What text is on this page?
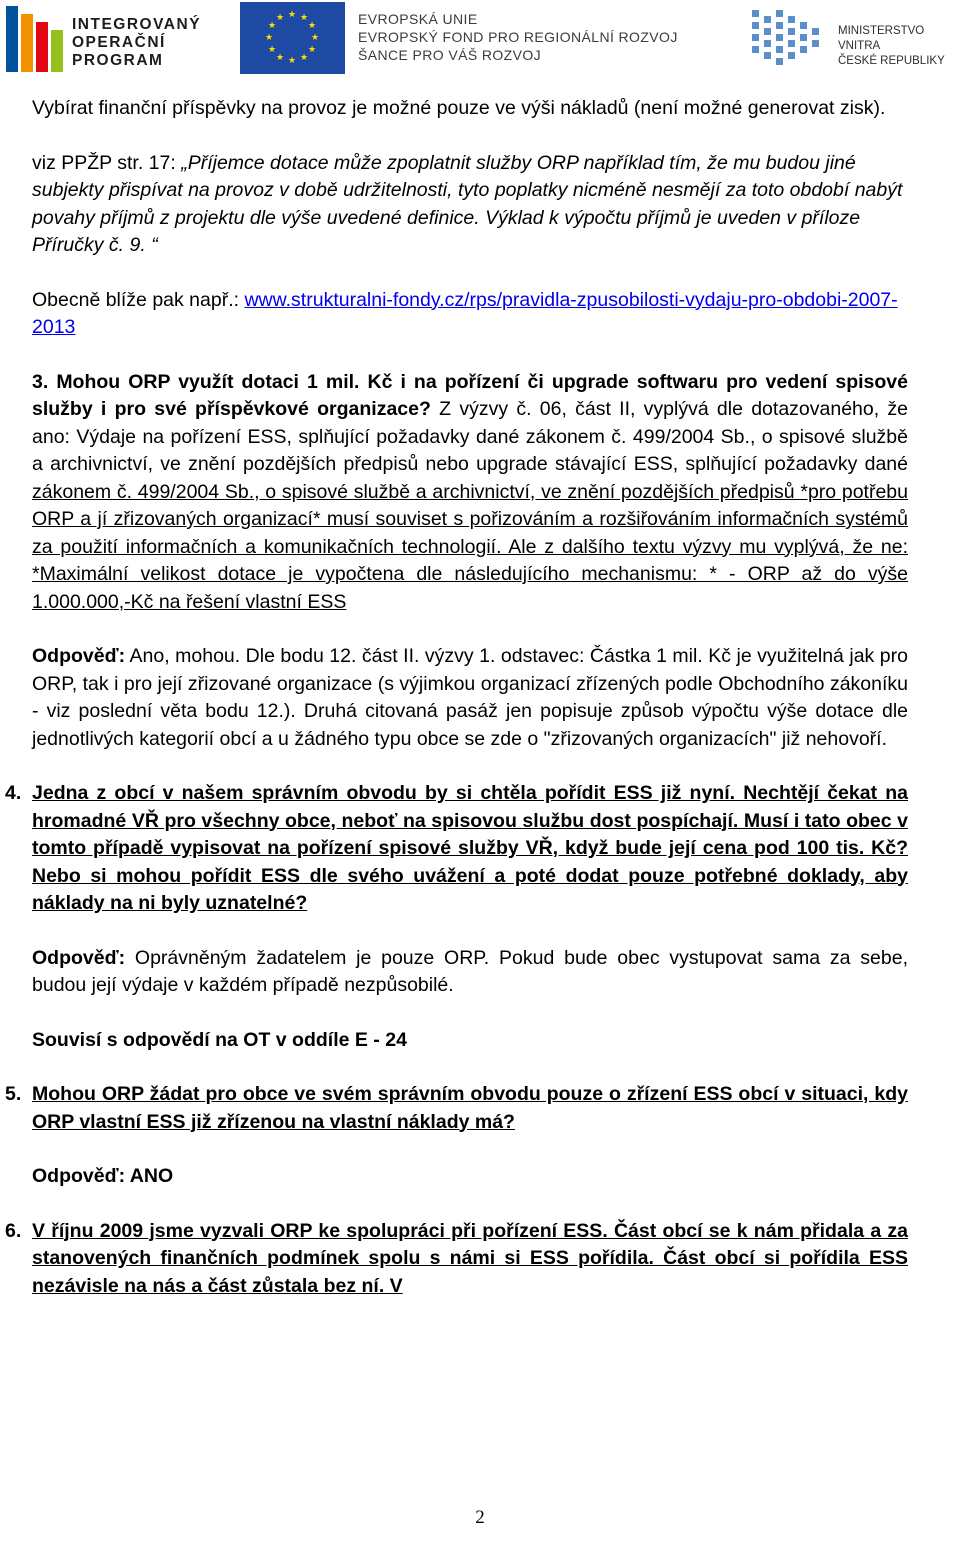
INTEGROVANÝ
OPERAČNÍ
PROGRAM
★ ★
★
★
★
★
★
★
★
★
★
★	EVROPSKÁ UNIE
EVROPSKÝ FOND PRO REGIONÁLNÍ ROZVOJ
ŠANCE PRO VÁŠ ROZVOJ
MINISTERSTVO VNITRA
ČESKÉ REPUBLIKY

Vybírat finanční příspěvky na provoz je možné pouze ve výši nákladů (není možné generovat zisk).

viz PPŽP str. 17: „Příjemce dotace může zpoplatnit služby ORP například tím, že mu budou jiné subjekty přispívat na provoz v době udržitelnosti, tyto poplatky nicméně nesmějí za toto období nabýt povahy příjmů z projektu dle výše uvedené definice. Výklad k výpočtu příjmů je uveden v příloze Příručky č. 9. “

Obecně blíže pak např.: www.strukturalni-fondy.cz/rps/pravidla-zpusobilosti-vydaju-pro-obdobi-2007-2013

3. Mohou ORP využít dotaci 1 mil. Kč i na pořízení či upgrade softwaru pro vedení spisové služby i pro své příspěvkové organizace? Z výzvy č. 06, část II, vyplývá dle dotazovaného, že ano: Výdaje na pořízení ESS, splňující požadavky dané zákonem č. 499/2004 Sb., o spisové službě a archivnictví, ve znění pozdějších předpisů nebo upgrade stávající ESS, splňující požadavky dané zákonem č. 499/2004 Sb., o spisové službě a archivnictví, ve znění pozdějších předpisů *pro potřebu ORP a jí zřizovaných organizací* musí souviset s pořizováním a rozšiřováním informačních systémů za použití informačních a komunikačních technologií. Ale z dalšího textu výzvy mu vyplývá, že ne: *Maximální velikost dotace je vypočtena dle následujícího mechanismu: * - ORP až do výše 1.000.000,-Kč na řešení vlastní ESS

Odpověď: Ano, mohou. Dle bodu 12. část II. výzvy 1. odstavec: Částka 1 mil. Kč je využitelná jak pro ORP, tak i pro její zřizované organizace (s výjimkou organizací zřízených podle Obchodního zákoníku - viz poslední věta bodu 12.). Druhá citovaná pasáž jen popisuje způsob výpočtu výše dotace dle jednotlivých kategorií obcí a u žádného typu obce se zde o "zřizovaných organizacích" již nehovoří.

4. Jedna z obcí v našem správním obvodu by si chtěla pořídit ESS již nyní. Nechtějí čekat na hromadné VŘ pro všechny obce, neboť na spisovou službu dost pospíchají. Musí i tato obec v tomto případě vypisovat na pořízení spisové služby VŘ, když bude její cena pod 100 tis. Kč? Nebo si mohou pořídit ESS dle svého uvážení a poté dodat pouze potřebné doklady, aby náklady na ni byly uznatelné?

Odpověď: Oprávněným žadatelem je pouze ORP. Pokud bude obec vystupovat sama za sebe, budou její výdaje v každém případě nezpůsobilé.

Souvisí s odpovědí na OT v oddíle E - 24

5. Mohou ORP žádat pro obce ve svém správním obvodu pouze o zřízení ESS obcí v situaci, kdy ORP vlastní ESS již zřízenou na vlastní náklady má?

Odpověď: ANO

6. V říjnu 2009 jsme vyzvali ORP ke spolupráci při pořízení ESS. Část obcí se k nám přidala a za stanovených finančních podmínek spolu s námi si ESS pořídila. Část obcí si pořídila ESS nezávisle na nás a část zůstala bez ní. V

2
